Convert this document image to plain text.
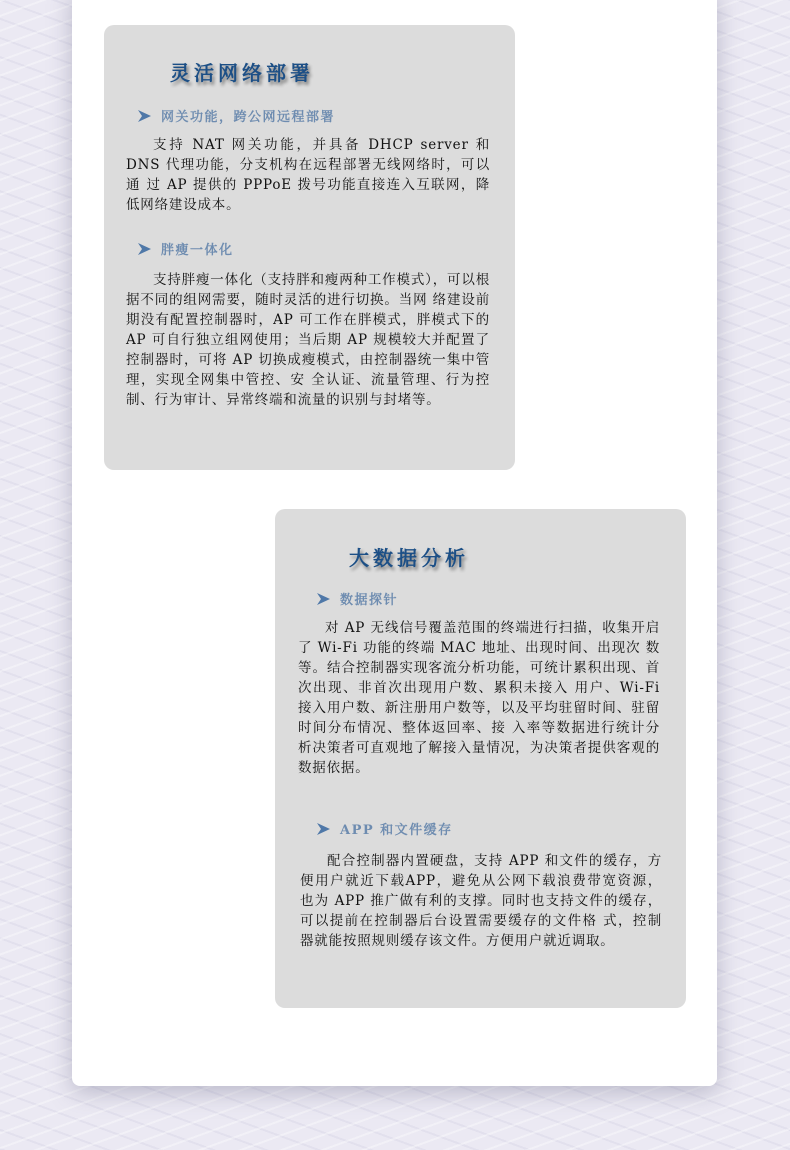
灵活网络部署
网关功能，跨公网远程部署

支持 NAT 网关功能，并具备 DHCP server 和 DNS 代理功能，分支机构在远程部署无线网络时，可以通 过 AP 提供的 PPPoE 拨号功能直接连入互联网，降低网络建设成本。

胖瘦一体化

支持胖瘦一体化（支持胖和瘦两种工作模式），可以根据不同的组网需要，随时灵活的进行切换。当网 络建设前期没有配置控制器时，AP 可工作在胖模式，胖模式下的 AP 可自行独立组网使用；当后期 AP 规模较大并配置了控制器时，可将 AP 切换成瘦模式，由控制器统一集中管理，实现全网集中管控、安 全认证、流量管理、行为控制、行为审计、异常终端和流量的识别与封堵等。

大数据分析
数据探针

对 AP 无线信号覆盖范围的终端进行扫描，收集开启了 Wi-Fi 功能的终端 MAC 地址、出现时间、出现次 数等。结合控制器实现客流分析功能，可统计累积出现、首次出现、非首次出现用户数、累积未接入 用户、Wi-Fi 接入用户数、新注册用户数等，以及平均驻留时间、驻留时间分布情况、整体返回率、接 入率等数据进行统计分析决策者可直观地了解接入量情况，为决策者提供客观的数据依据。

APP 和文件缓存

配合控制器内置硬盘，支持 APP 和文件的缓存，方便用户就近下载APP，避免从公网下载浪费带宽资源， 也为 APP 推广做有利的支撑。同时也支持文件的缓存，可以提前在控制器后台设置需要缓存的文件格 式，控制器就能按照规则缓存该文件。方便用户就近调取。
